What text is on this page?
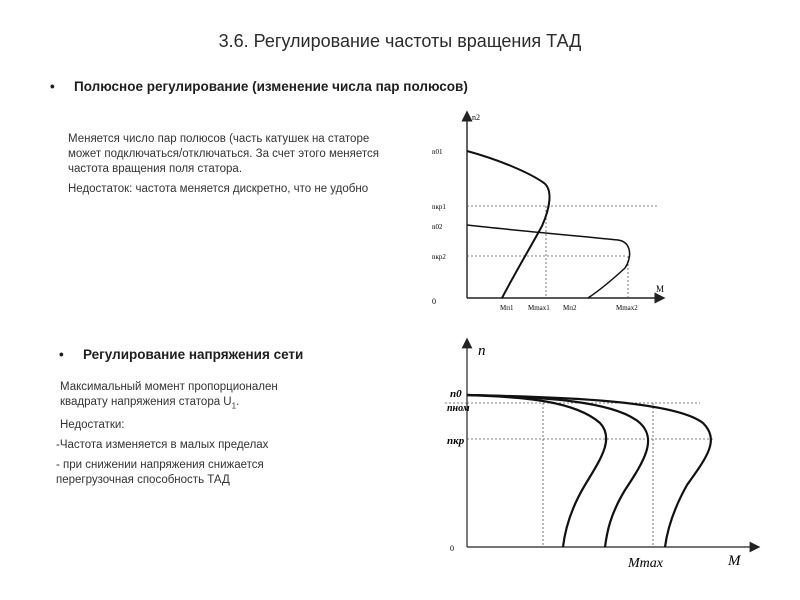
3.6. Регулирование частоты вращения ТАД
• Полюсное регулирование (изменение числа пар полюсов)

Меняется число пар полюсов (часть катушек на статоре может подключаться/отключаться. За счет этого меняется частота вращения поля статора.

Недостаток: частота меняется дискретно, что не удобно

n2
M
0
n01
nкр1
n02
nкр2
Mп1 Mmax1 Mп2	Mmax2
• Регулирование напряжения сети

Максимальный момент пропорционален квадрату напряжения статора $U_1$.

Недостатки:

-Частота изменяется в малых пределах

- при снижении напряжения снижается перегрузочная способность ТАД

n
M
0
n0
nном
nкр
Mmax
